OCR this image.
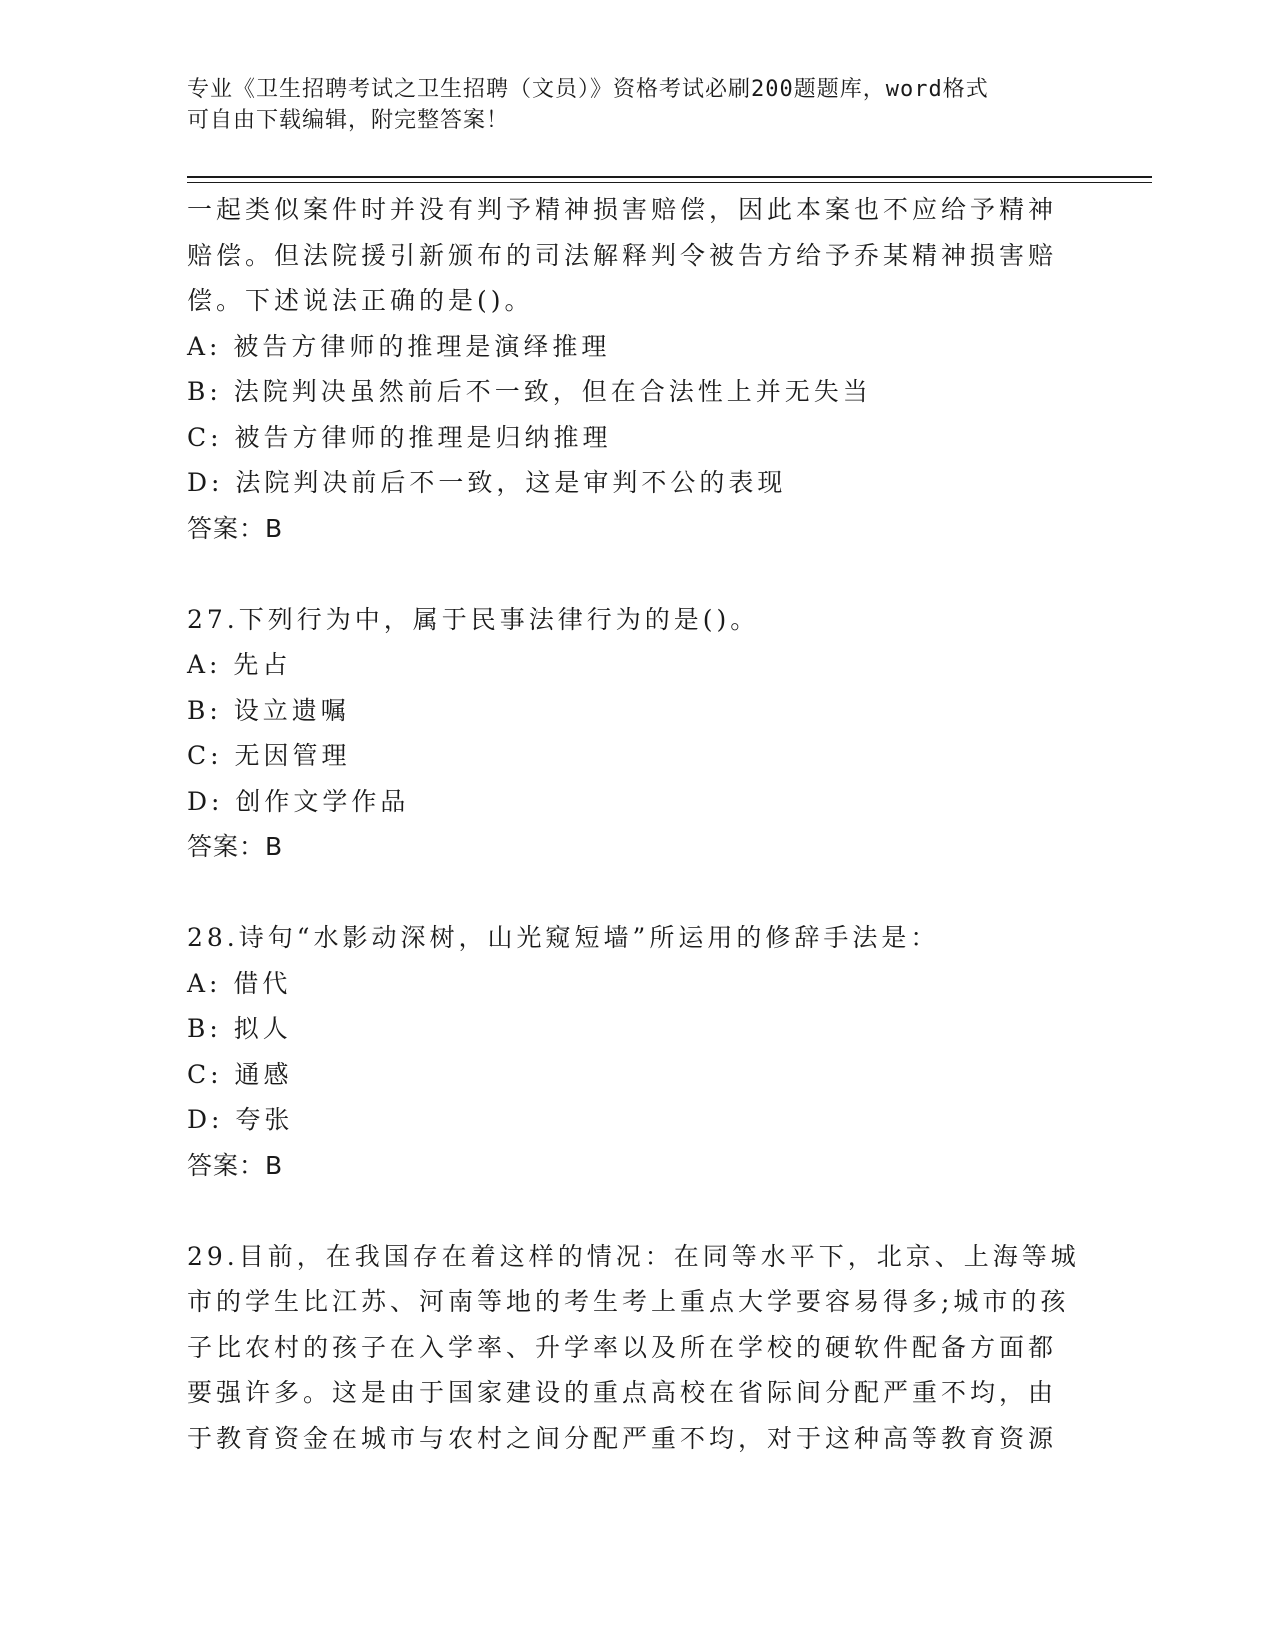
专业《卫生招聘考试之卫生招聘（文员）》资格考试必刷200题题库，word格式
可自由下载编辑，附完整答案！
一起类似案件时并没有判予精神损害赔偿，因此本案也不应给予精神
赔偿。但法院援引新颁布的司法解释判令被告方给予乔某精神损害赔
偿。下述说法正确的是()。
A: 被告方律师的推理是演绎推理
B: 法院判决虽然前后不一致，但在合法性上并无失当
C: 被告方律师的推理是归纳推理
D: 法院判决前后不一致，这是审判不公的表现
答案：B
27.下列行为中，属于民事法律行为的是()。
A: 先占
B: 设立遗嘱
C: 无因管理
D: 创作文学作品
答案：B
28.诗句“水影动深树，山光窥短墙”所运用的修辞手法是：
A: 借代
B: 拟人
C: 通感
D: 夸张
答案：B
29.目前，在我国存在着这样的情况：在同等水平下，北京、上海等城
市的学生比江苏、河南等地的考生考上重点大学要容易得多;城市的孩
子比农村的孩子在入学率、升学率以及所在学校的硬软件配备方面都
要强许多。这是由于国家建设的重点高校在省际间分配严重不均，由
于教育资金在城市与农村之间分配严重不均，对于这种高等教育资源
